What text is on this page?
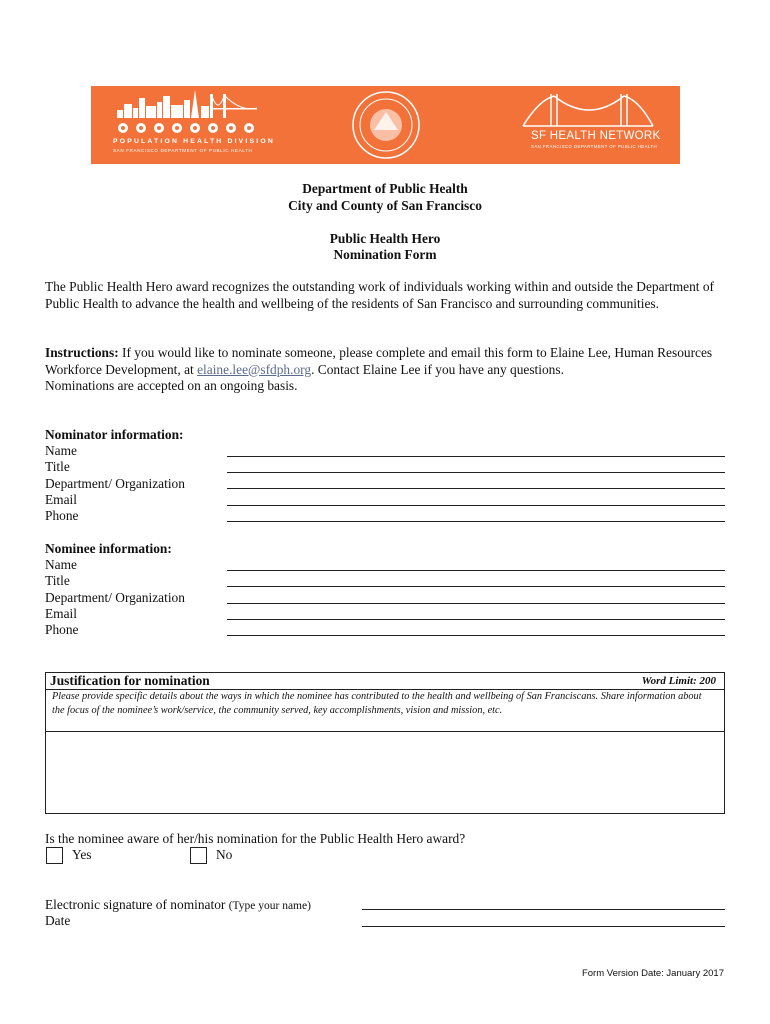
POPULATION HEALTH DIVISION
SAN FRANCISCO DEPARTMENT OF PUBLIC HEALTH
SF HEALTH NETWORK
SAN FRANCISCO DEPARTMENT OF PUBLIC HEALTH
Department of Public Health
City and County of San Francisco
Public Health Hero
Nomination Form
The Public Health Hero award recognizes the outstanding work of individuals working within and outside the Department of Public Health to advance the health and wellbeing of the residents of San Francisco and surrounding communities.
Instructions: If you would like to nominate someone, please complete and email this form to Elaine Lee, Human Resources Workforce Development, at elaine.lee@sfdph.org. Contact Elaine Lee if you have any questions.
Nominations are accepted on an ongoing basis.
Nominator information:
Name
Title
Department/ Organization
Email
Phone
Nominee information:
Name
Title
Department/ Organization
Email
Phone
Justification for nomination	Word Limit: 200
Please provide specific details about the ways in which the nominee has contributed to the health and wellbeing of San Franciscans. Share information about the focus of the nominee’s work/service, the community served, key accomplishments, vision and mission, etc.
Is the nominee aware of her/his nomination for the Public Health Hero award?
Yes	No
Electronic signature of nominator (Type your name)
Date
Form Version Date: January 2017
